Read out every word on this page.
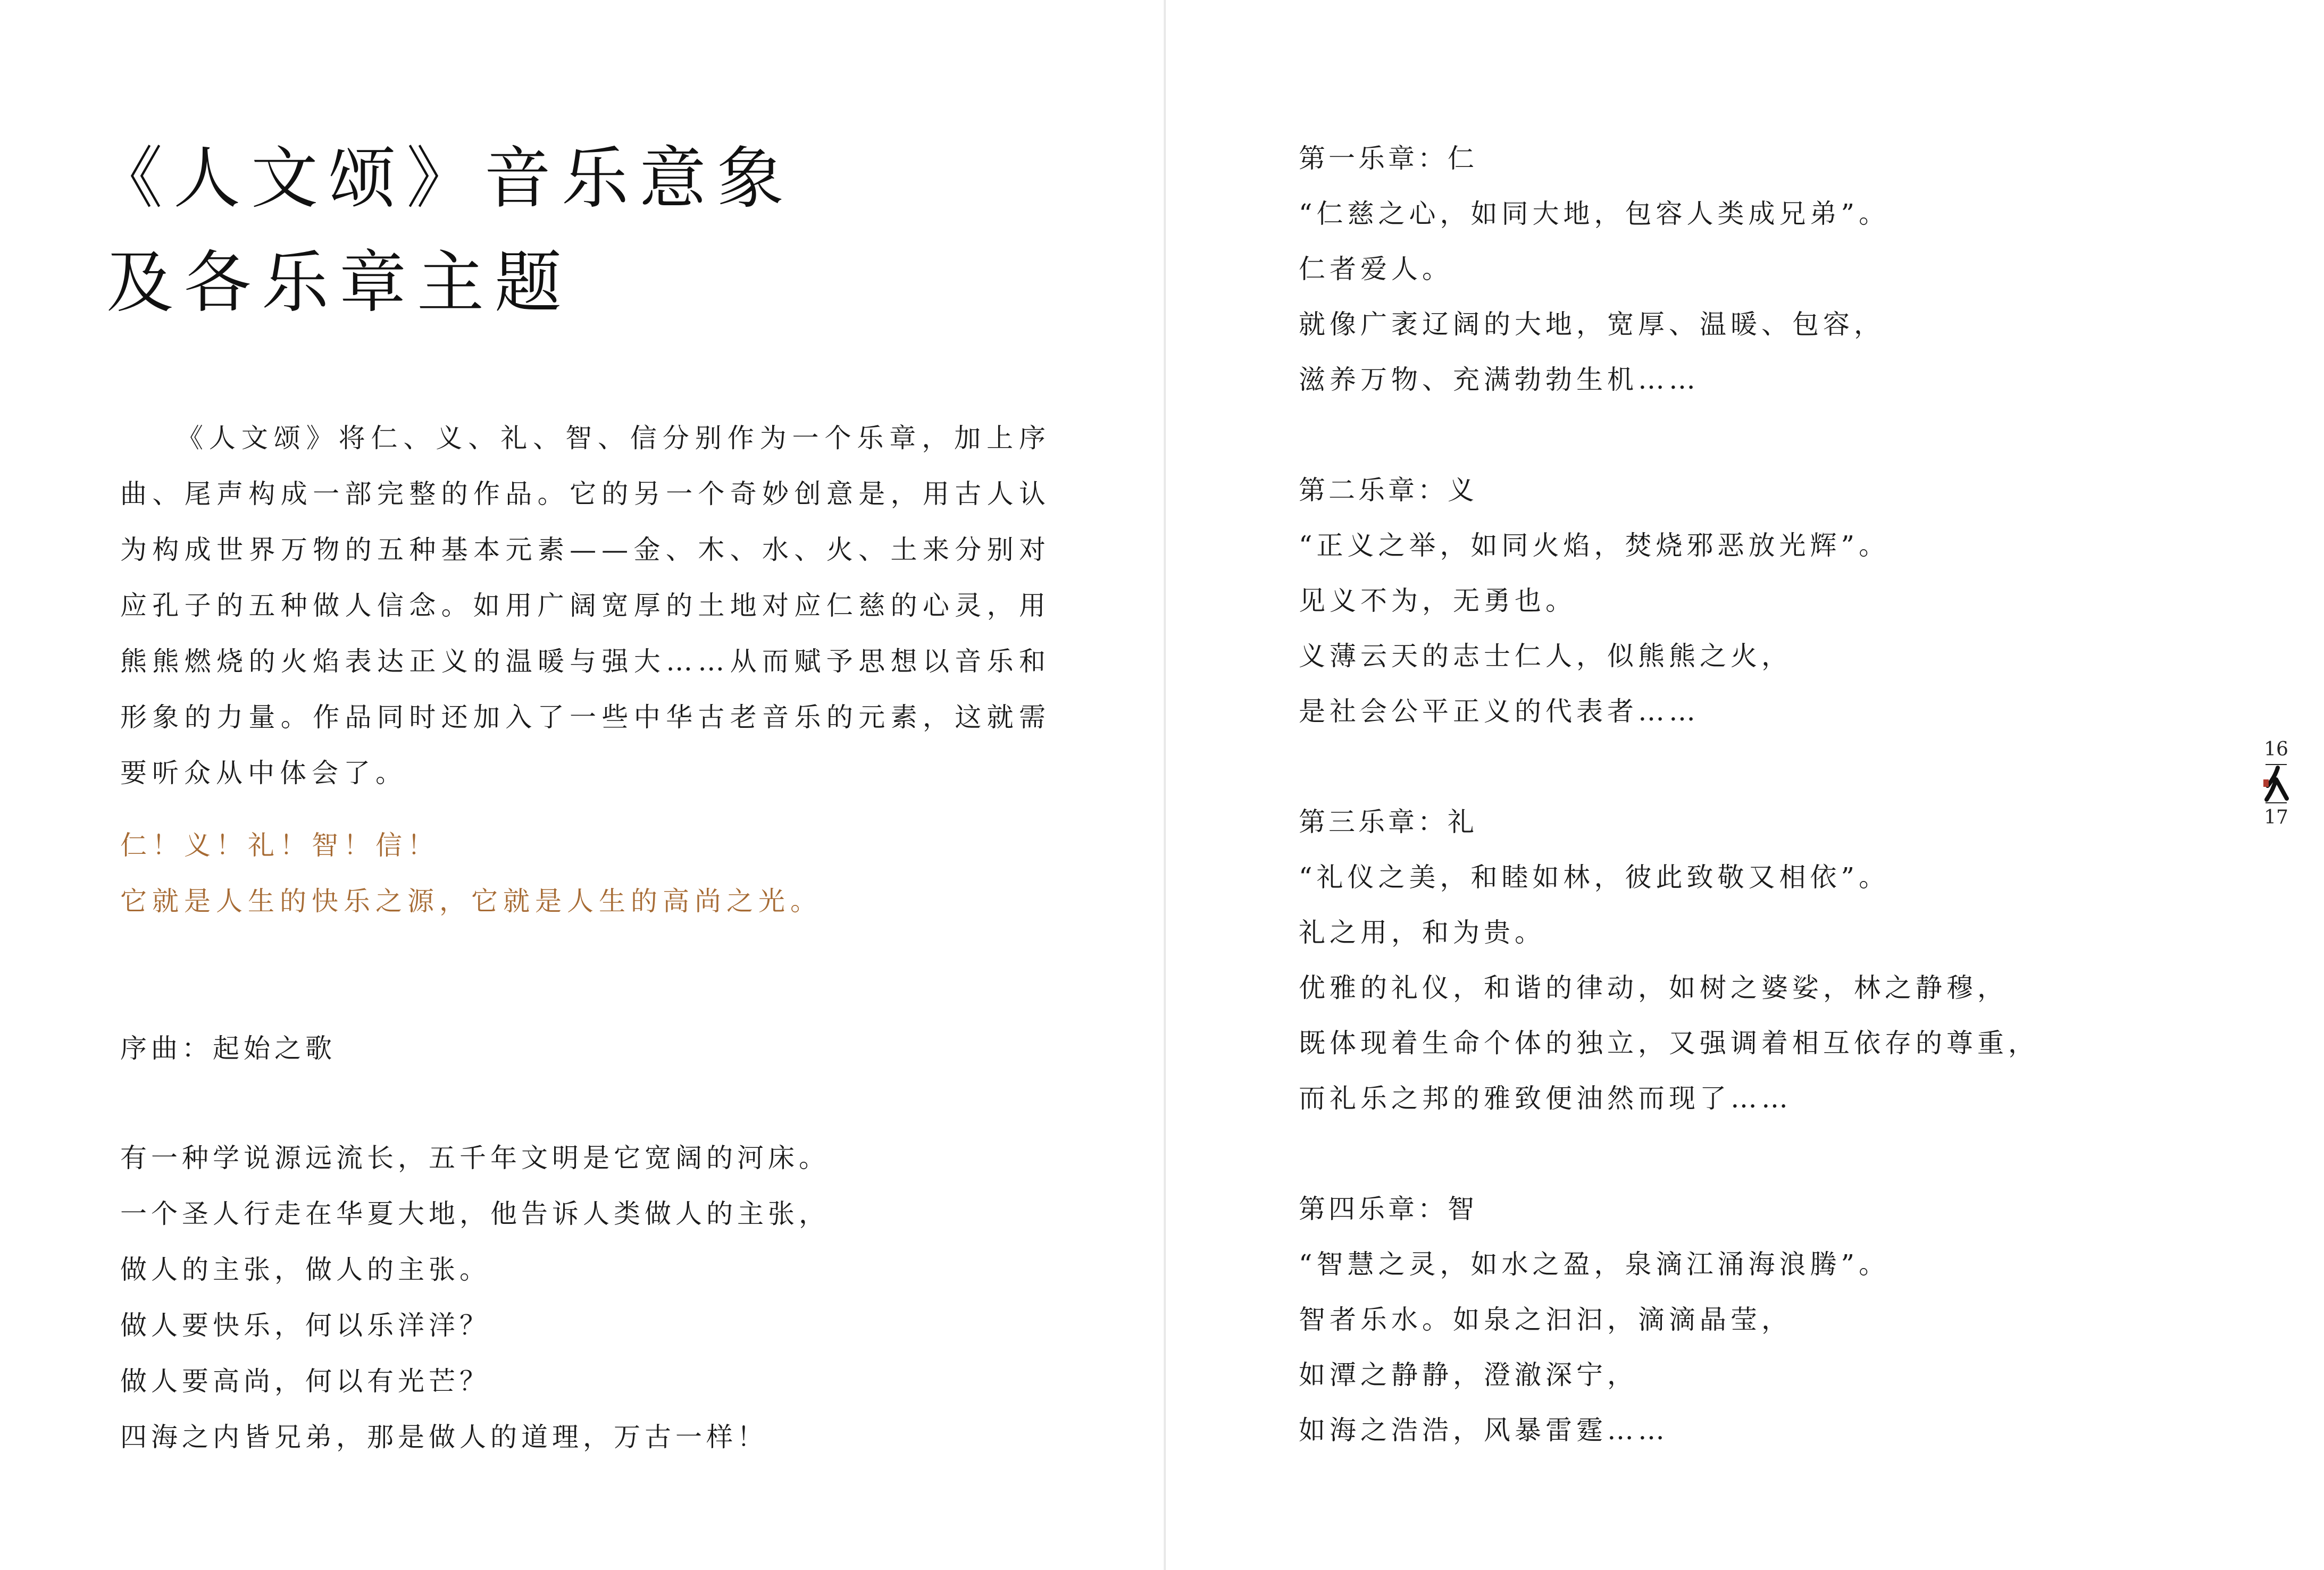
《人文颂》音乐意象
及各乐章主题

《人文颂》将仁、义、礼、智、信分别作为一个乐章，加上序曲、尾声构成一部完整的作品。它的另一个奇妙创意是，用古人认为构成世界万物的五种基本元素——金、木、水、火、土来分别对应孔子的五种做人信念。如用广阔宽厚的土地对应仁慈的心灵，用熊熊燃烧的火焰表达正义的温暖与强大……从而赋予思想以音乐和形象的力量。作品同时还加入了一些中华古老音乐的元素，这就需要听众从中体会了。

仁！义！礼！智！信！
它就是人生的快乐之源，它就是人生的高尚之光。
序曲：起始之歌
有一种学说源远流长，五千年文明是它宽阔的河床。
一个圣人行走在华夏大地，他告诉人类做人的主张，
做人的主张，做人的主张。
做人要快乐，何以乐洋洋？
做人要高尚，何以有光芒？
四海之内皆兄弟，那是做人的道理，万古一样！
第一乐章：仁
“仁慈之心，如同大地，包容人类成兄弟”。
仁者爱人。
就像广袤辽阔的大地，宽厚、温暖、包容，
滋养万物、充满勃勃生机……
第二乐章：义
“正义之举，如同火焰，焚烧邪恶放光辉”。
见义不为，无勇也。
义薄云天的志士仁人，似熊熊之火，
是社会公平正义的代表者……
第三乐章：礼
“礼仪之美，和睦如林，彼此致敬又相依”。
礼之用，和为贵。
优雅的礼仪，和谐的律动，如树之婆娑，林之静穆，
既体现着生命个体的独立，又强调着相互依存的尊重，
而礼乐之邦的雅致便油然而现了……
第四乐章：智
“智慧之灵，如水之盈，泉滴江涌海浪腾”。
智者乐水。如泉之汩汩，滴滴晶莹，
如潭之静静，澄澈深宁，
如海之浩浩，风暴雷霆……
16
17
